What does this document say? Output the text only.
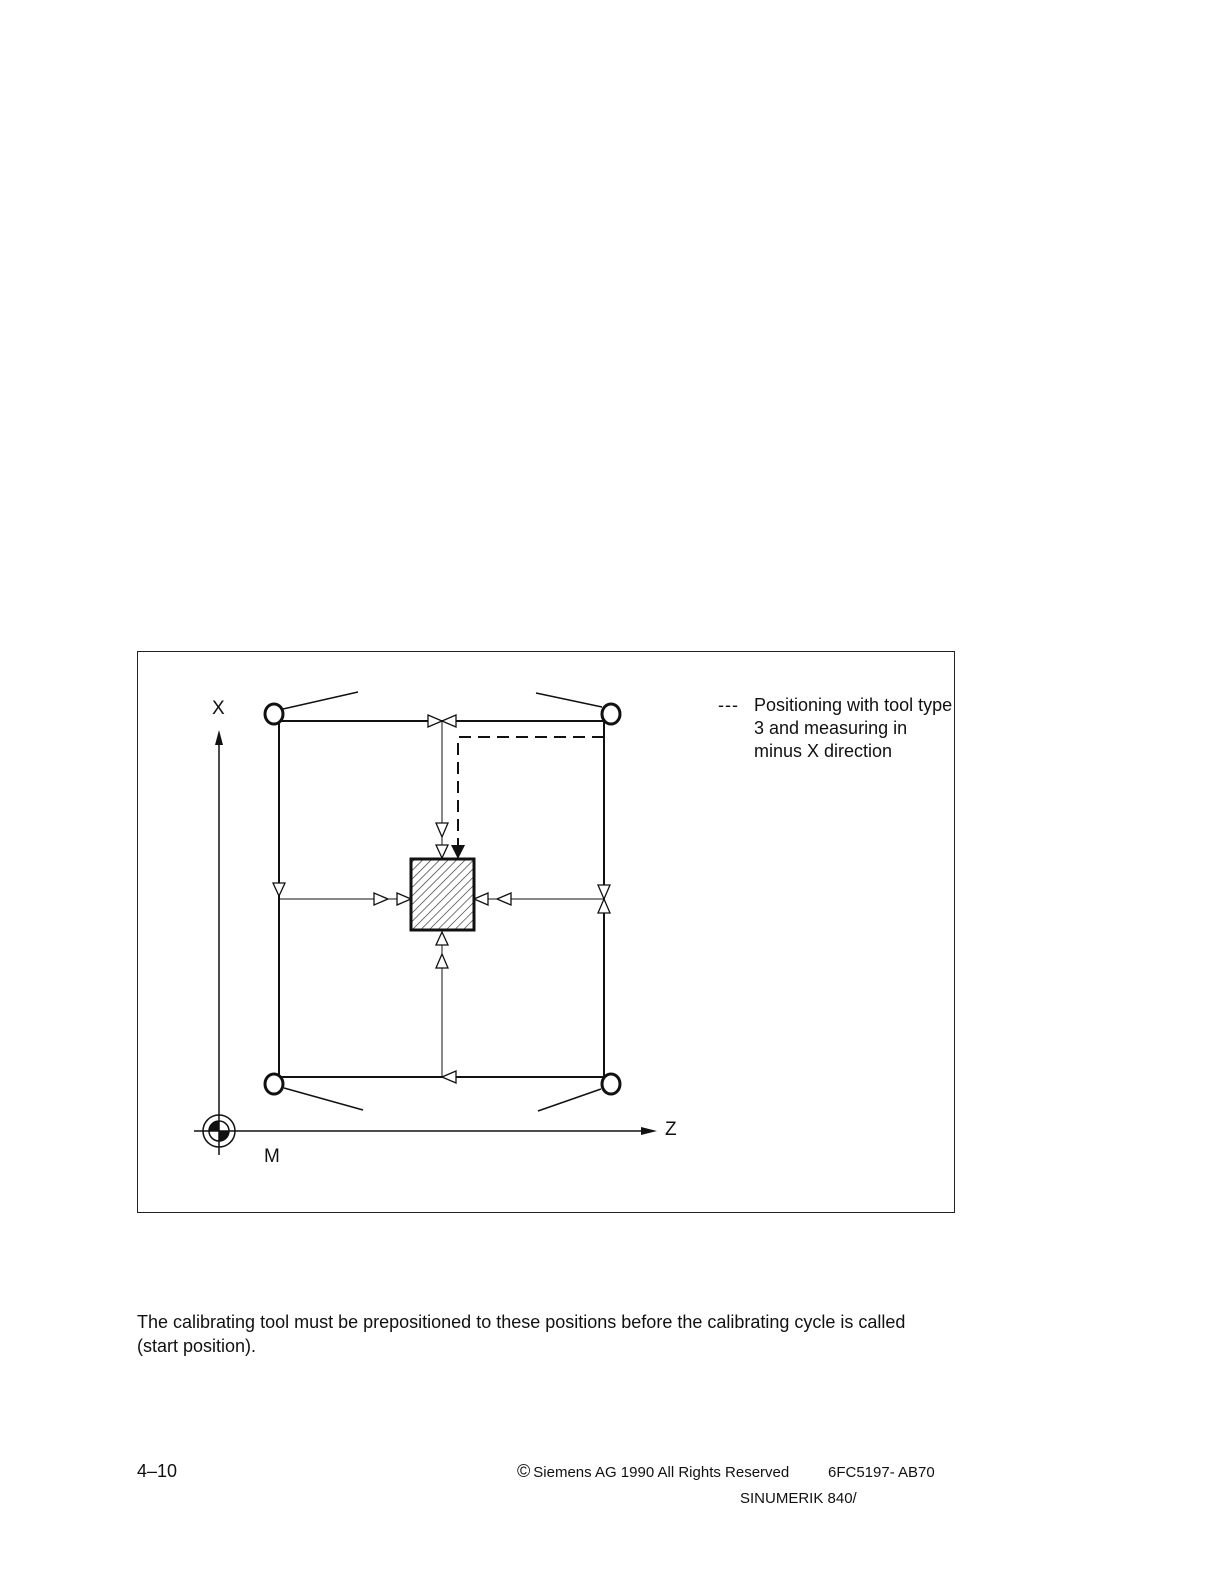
X
Z
M
--- Positioning with tool type 3 and measuring in minus X direction

The calibrating tool must be prepositioned to these positions before the calibrating cycle is called (start position).

4–10	© Siemens AG 1990 All Rights Reserved	6FC5197- AB70
SINUMERIK 840/
